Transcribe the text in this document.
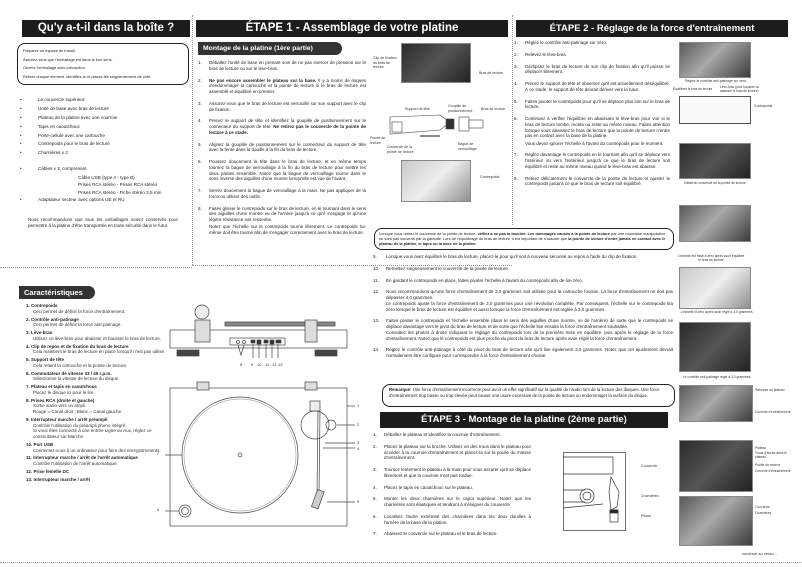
Qu'y a-t-il dans la boîte ?
Préparez un espace de travail.
Assurez-vous que l'emballage est dans le bon sens.
Ouvrez l'emballage avec précaution.
Retirez chaque élément, identifiez-le et placez-les soigneusement de côté.
• Le couvercle supérieur
• Unité de base avec bras de lecture
• Plateau de la platine avec une courroie
• Tapis en caoutchouc
• Porte-cellule avec une cartouche
• Contrepoids pour le bras de lecture
• Charnières x 2
• Câbles x 3, comprenant
Câble USB (type A - type B)
Prises RCA stéréo - Prises RCA stéréo
Prises RCA stéréo - Fiche stéréo 3,5 mm
• Adaptateur secteur avec options UE et RU
Nous recommandons que tous les emballages soient conservés pour permettre à la platine d'être transportée en toute sécurité dans le futur.
Caractéristiques
1. Contrepoids
Ceci permet de définir la force d'entraînement.
2. Contrôle anti-patinage
Ceci permet de définir la force anti-patinage.
3. Lève-bras
Utilisez ce lève-bras pour abaisser et hausser le bras de lecture.
4. Clip de repos et de fixation du bras de lecture
Cela maintient le bras de lecture en place lorsqu'il n'est pas utilisé.
5. Support de tête
Cela retient la cartouche et la pointe de lecture.
6. Commutateur de vitesse 33 / 45 r.p.m.
Sélectionne la vitesse de lecture du disque.
7. Plateau et tapis en caoutchouc
Placez le disque ici pour le lire.
8. Prises RCA (droite et gauche)
Sortie audio vers un ampli.
Rouge = Canal droit ; Blanc = Canal gauche.
9. Interrupteur marche / arrêt préampli
Contrôle l'utilisation du préampli phono intégré.
Si vous êtes connecté à une entrée Ligne ou Aux, réglez ce commutateur sur Marche.
10. Port USB
Connectez-vous à un ordinateur pour faire des enregistrements.
11. Interrupteur marche / arrêt de l'arrêt automatique
Contrôle l'utilisation de l'arrêt automatique.
12. Prise femelle DC
13. Interrupteur marche / arrêt
8 9 10 11 12 13
1
2
3
4
5
7
6
ÉTAPE 1 - Assemblage de votre platine
Montage de la platine (1ère partie)
1. Déballez l'unité de base en prenant soin de ne pas exercer de pression sur le bras de lecture ou sur le lève-bras.
2. Ne pas encore assembler le plateau sur la base. Il y a moins de risques d'endommager la cartouche et la pointe de lecture si le bras de lecture est assemblé et équilibré en premier.
3. Assurez-vous que le bras de lecture est verrouillé sur son support avec le clip de fixation.
4. Prenez le support de tête et identifiez la goupille de positionnement sur le connecteur du support de tête. Ne retirez pas le couvercle de la pointe de lecture à ce stade.
5. Alignez la goupille de positionnement sur le connecteur du support de tête avec la fente dans la douille à la fin du bras de lecture.
6. Poussez doucement la tête dans le bras de lecture, et en même temps tournez la bague de verrouillage à la fin du bras de lecture pour mettre les deux parties ensemble. Notez que la bague de verrouillage tourne dans le sens inverse des aiguilles d'une montre lorsqu'elle est vue de l'avant.
7. Serrez doucement la bague de verrouillage à la main. Ne pas appliquer de la force ou utiliser des outils.
8. Faites glisser le contrepoids sur le bras de lecture, en le tournant dans le sens des aiguilles d'une montre vu de l'arrière jusqu'à ce qu'il s'engage et qu'une légère résistance soit ressentie.
Notez que l'échelle sur le contrepoids tourne librement. Le contrepoids lui-même doit être tourné afin de s'engager correctement avec le bras de lecture.
Clip de fixation du bras de lecture
Bras de lecture
Support de tête
Goupille de positionnement	Bras de lecture
Pointe de lecture
Couvercle de la pointe de lecture
Bague de verrouillage
Contrepoids
ÉTAPE 2 - Réglage de la force d'entraînement
1. Réglez le contrôle anti-patinage sur zéro.
2. Relevez le lève-bras.
3. Déclipsez le bras de lecture de son clip de fixation afin qu'il puisse se déplacer librement.
4. Prenez le support de tête et observez qu'il est actuellement déséquilibré. À ce stade, le support de tête devrait dériver vers le haut.
5. Faites pivoter le contrepoids pour qu'il se déplace plus loin sur le bras de lecture.
6. Continuez à vérifier l'équilibre en abaissant le lève-bras pour voir si le bras de lecture tombe, monte ou reste au même niveau. Faites attention lorsque vous abaissez le bras de lecture que la pointe de lecture n'entre pas en contact avec la base de la platine.
Vous devez ignorer l'échelle à l'avant du contrepoids pour le moment.
7. Réglez davantage le contrepoids en le tournant afin qu'il se déplace vers l'intérieur ou vers l'extérieur jusqu'à ce que le bras de lecture soit équilibré et reste au même niveau quand le lève-bras est abaissé.
8. Retirez délicatement le couvercle de la pointe de lecture et ajustez le contrepoids jusqu'à ce que le bras de lecture soit équilibré.
Lorsque vous retirez le couvercle de la pointe de lecture, veillez à ne pas la toucher. Les dommages causés à la pointe de lecture par une mauvaise manipulation ne sont pas couverts par la garantie. Lors de l'équilibrage du bras de lecture, il est important de s'assurer que la pointe de lecture n'entre jamais en contact avec le plateau de la platine, le tapis ou la base de la platine.
9. Lorsque vous avez équilibré le bras de lecture, placez-le pour qu'il soit à nouveau sécurisé au repos à l'aide du clip de fixation.
10. Remettez soigneusement le couvercle de la pointe de lecture.
11. En gardant le contrepoids en place, faites pivoter l'échelle à l'avant du contrepoids afin de lire zéro.
12. Nous recommandons qu'une force d'entraînement de 3,0 grammes soit utilisée pour la cartouche fournie. La force d'entraînement ne doit pas dépasser 4,0 grammes.
Le contrepoids ajuste la force d'entraînement de 3,0 grammes pour une révolution complète. Par conséquent, l'échelle sur le contrepoids lira zéro lorsque le bras de lecture est équilibré et aussi lorsque la force d'entraînement est réglée à 3,0 grammes.
13. Faites pivoter le contrepoids et l'échelle ensemble (dans le sens des aiguilles d'une montre, vu de l'arrière) de sorte que le contrepoids se déplace davantage vers le pivot du bras de lecture et de sorte que l'échelle lise ensuite la force d'entraînement souhaitée.
Consultez les photos à droite indiquant le réglage du contrepoids lors de la première mise en équilibre, puis après le réglage de la force d'entraînement. Notez que le contrepoids est plus proche du pivot du bras de lecture après avoir réglé la force d'entraînement.
14. Réglez le contrôle anti-patinage à côté du pivot du bras de lecture afin qu'il lise également 3,0 grammes. Notez que cet ajustement devrait normalement être configuré pour correspondre à la force d'entraînement choisie.
Remarque: Une force d'entraînement incorrecte peut avoir un effet significatif sur la qualité de l'audio lors de la lecture des disques. Une force d'entraînement trop basse ou trop élevée peut causer une usure excessive de la pointe de lecture ou endommager la surface du disque.
Réglez le contrôle anti-patinage sur zéro.
Équilibrez le bras de lecture Lève-bras (pour hausser ou abaisser le bras de lecture)
Contrepoids
Détail du couvercle de la pointe de lecture
L'échelle est mise à zéro après avoir équilibré le bras de lecture
L'échelle lit zéro après avoir réglé à 3,0 grammes.
Le contrôle anti-patinage réglé à 3,0 grammes.
ÉTAPE 3 - Montage de la platine (2ème partie)
1. Déballez le plateau et identifiez la courroie d'entraînement.
2. Placez le plateau sur la broche. Utilisez un des trous dans le plateau pour accéder à la courroie d'entraînement et placez-la sur la poulie du moteur d'entraînement.
3. Tournez lentement le plateau à la main pour vous assurer qu'il se déplace librement et que la courroie n'est pas tordue.
4. Placez le tapis en caoutchouc sur le plateau.
5. Monter les deux charnières sur le capot supérieur. Notez que les charnières sont élastiques et tendront à s'éloigner du couvercle.
6. Localisez l'autre extrémité des charnières dans les deux douilles à l'arrière de la base de la platine.
7. Abaissez le couvercle sur le plateau et le bras de lecture.
Couvercle
Charnières
Pitons
Rainures du plateau
Courroie d'entraînement
Plateau
Trous d'accès dans le plateau
Poulie du moteur
Courroie d'entraînement
Couvercle
Charnières
continué au verso...
